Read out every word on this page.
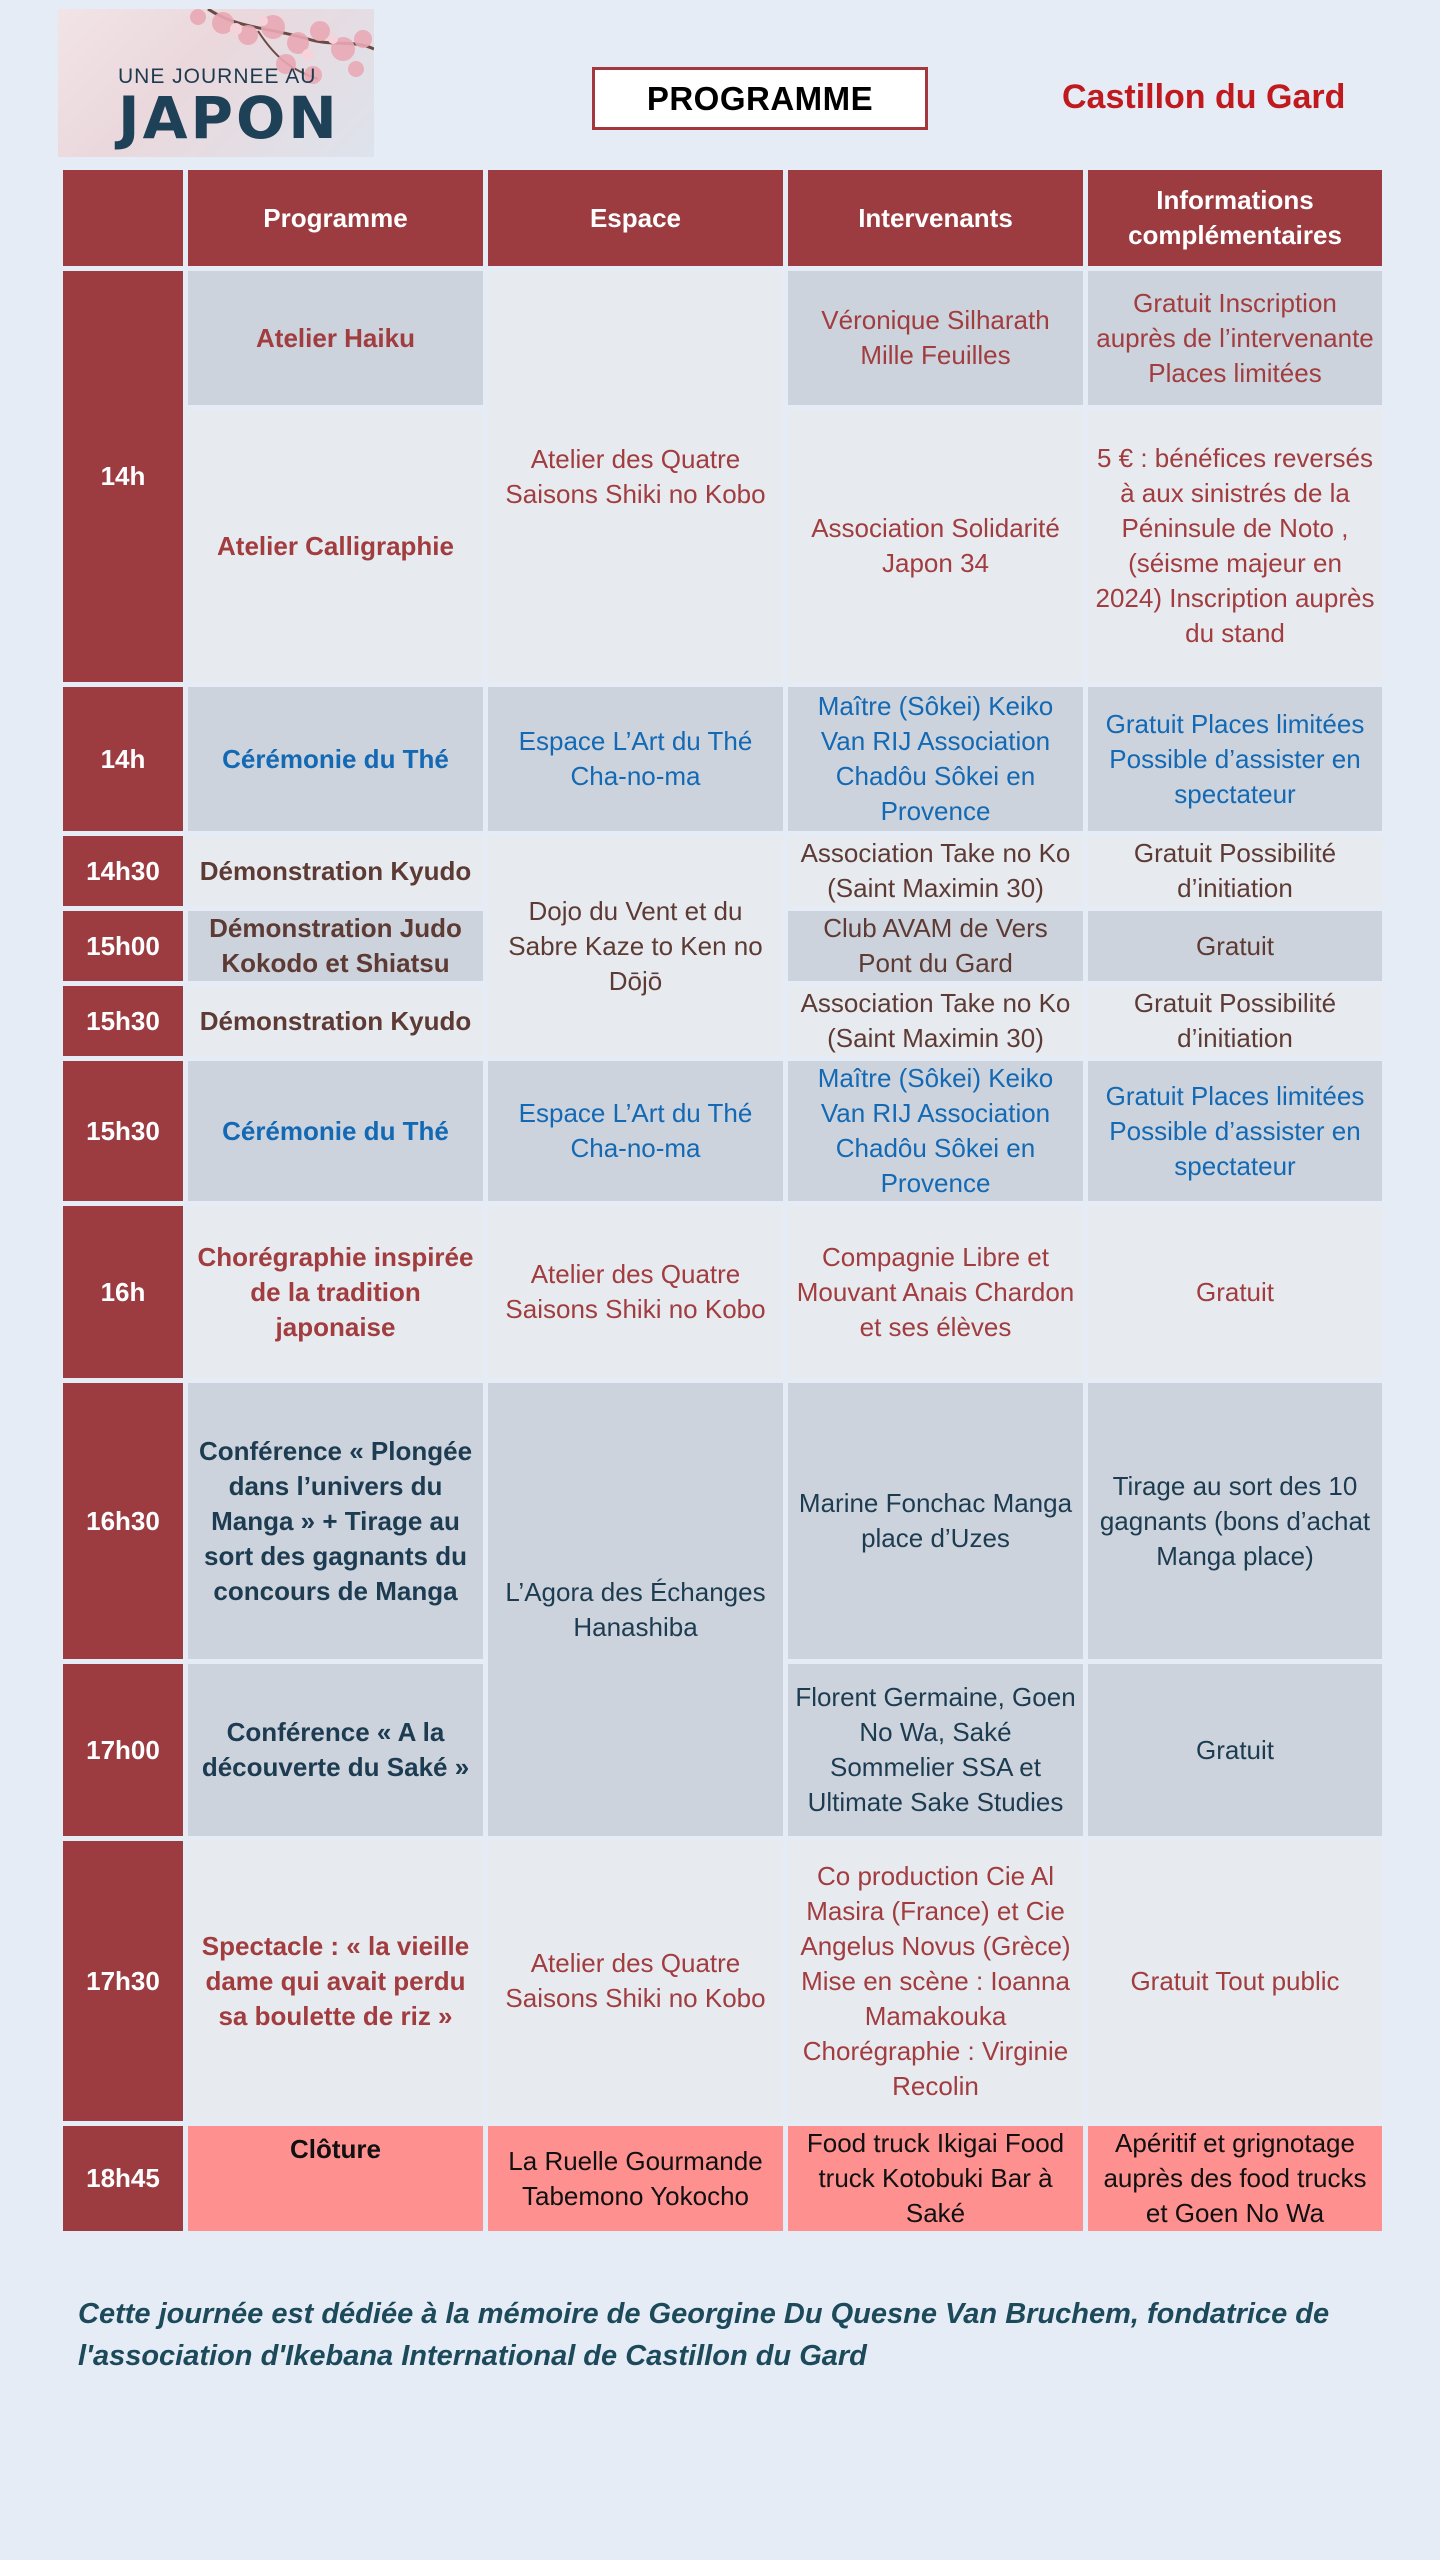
UNE JOURNEE AU
JAPON	PROGRAMME	Castillon du Gard
	Programme	Espace	Intervenants	Informations complémentaires
14h	Atelier Haiku	Atelier des Quatre Saisons Shiki no Kobo	Véronique Silharath Mille Feuilles	Gratuit Inscription auprès de l’intervenante Places limitées
	Atelier Calligraphie		Association Solidarité Japon 34	5 € : bénéfices reversés à aux sinistrés de la Péninsule de Noto , (séisme majeur en 2024) Inscription auprès du stand
14h	Cérémonie du Thé	Espace L’Art du Thé Cha-no-ma	Maître (Sôkei) Keiko Van RIJ Association Chadôu Sôkei en Provence	Gratuit Places limitées Possible d’assister en spectateur
14h30	Démonstration Kyudo	Dojo du Vent et du Sabre Kaze to Ken no Dōjō	Association Take no Ko (Saint Maximin 30)	Gratuit Possibilité d’initiation
15h00	Démonstration Judo Kokodo et Shiatsu		Club AVAM de Vers Pont du Gard	Gratuit
15h30	Démonstration Kyudo		Association Take no Ko (Saint Maximin 30)	Gratuit Possibilité d’initiation
15h30	Cérémonie du Thé	Espace L’Art du Thé Cha-no-ma	Maître (Sôkei) Keiko Van RIJ Association Chadôu Sôkei en Provence	Gratuit Places limitées Possible d’assister en spectateur
16h	Chorégraphie inspirée de la tradition japonaise	Atelier des Quatre Saisons Shiki no Kobo	Compagnie Libre et Mouvant Anais Chardon et ses élèves	Gratuit
16h30	Conférence « Plongée dans l’univers du Manga » + Tirage au sort des gagnants du concours de Manga	L’Agora des Échanges Hanashiba	Marine Fonchac Manga place d’Uzes	Tirage au sort des 10 gagnants (bons d’achat Manga place)
17h00	Conférence « A la découverte du Saké »		Florent Germaine, Goen No Wa, Saké Sommelier SSA et Ultimate Sake Studies	Gratuit
17h30	Spectacle : « la vieille dame qui avait perdu sa boulette de riz »	Atelier des Quatre Saisons Shiki no Kobo	Co production Cie Al Masira (France) et Cie Angelus Novus (Grèce) Mise en scène : Ioanna Mamakouka Chorégraphie : Virginie Recolin	Gratuit Tout public
18h45	Clôture	La Ruelle Gourmande Tabemono Yokocho	Food truck Ikigai Food truck Kotobuki Bar à Saké	Apéritif et grignotage auprès des food trucks et Goen No Wa
Cette journée est dédiée à la mémoire de Georgine Du Quesne Van Bruchem, fondatrice de l'association d'Ikebana International de Castillon du Gard
